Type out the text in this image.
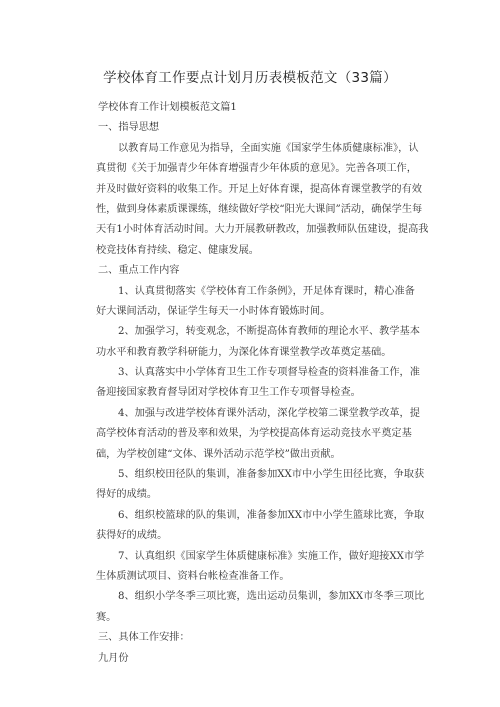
学校体育工作要点计划月历表模板范文（33篇）
学校体育工作计划模板范文篇1
一、指导思想
以教育局工作意见为指导，全面实施《国家学生体质健康标准》，认
真贯彻《关于加强青少年体育增强青少年体质的意见》。完善各项工作，
并及时做好资料的收集工作。开足上好体育课，提高体育课堂教学的有效
性，做到身体素质课课练，继续做好学校“阳光大课间”活动，确保学生每
天有1小时体育活动时间。大力开展教研教改，加强教师队伍建设，提高我
校竞技体育持续、稳定、健康发展。
二、重点工作内容
1、认真贯彻落实《学校体育工作条例》，开足体育课时，精心准备
好大课间活动，保证学生每天一小时体育锻炼时间。
2、加强学习，转变观念，不断提高体育教师的理论水平、教学基本
功水平和教育教学科研能力，为深化体育课堂教学改革奠定基础。
3、认真落实中小学体育卫生工作专项督导检查的资料准备工作，准
备迎接国家教育督导团对学校体育卫生工作专项督导检查。
4、加强与改进学校体育课外活动，深化学校第二课堂教学改革，提
高学校体育活动的普及率和效果，为学校提高体育运动竞技水平奠定基
础，为学校创建“文体、课外活动示范学校”做出贡献。
5、组织校田径队的集训，准备参加XX市中小学生田径比赛，争取获
得好的成绩。
6、组织校篮球的队的集训，准备参加XX市中小学生篮球比赛，争取
获得好的成绩。
7、认真组织《国家学生体质健康标准》实施工作，做好迎接XX市学
生体质测试项目、资料台帐检查准备工作。
8、组织小学冬季三项比赛，选出运动员集训，参加XX市冬季三项比
赛。
三、具体工作安排：
九月份
